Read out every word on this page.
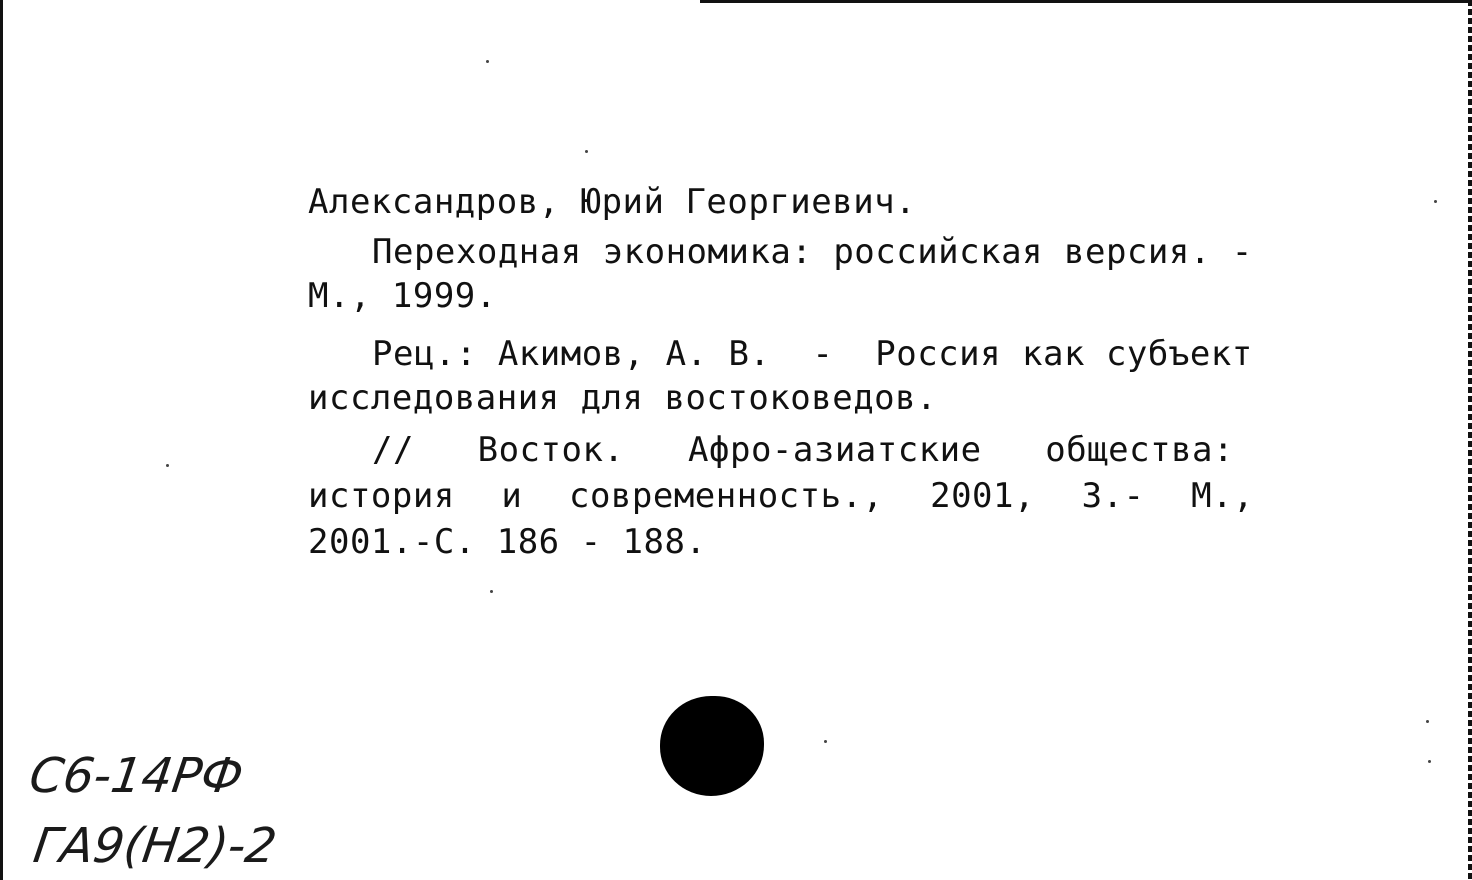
Александров, Юрий Георгиевич.
Переходная экономика: российская версия. -
М., 1999.
Рец.: Акимов, А. В.  -  Россия как субъект
исследования для востоковедов.
// Восток. Афро-азиатские общества:
история и современность., 2001, 3.- М.,
2001.-С. 186 - 188.
С6-14РФ
ГА9(Н2)-2
